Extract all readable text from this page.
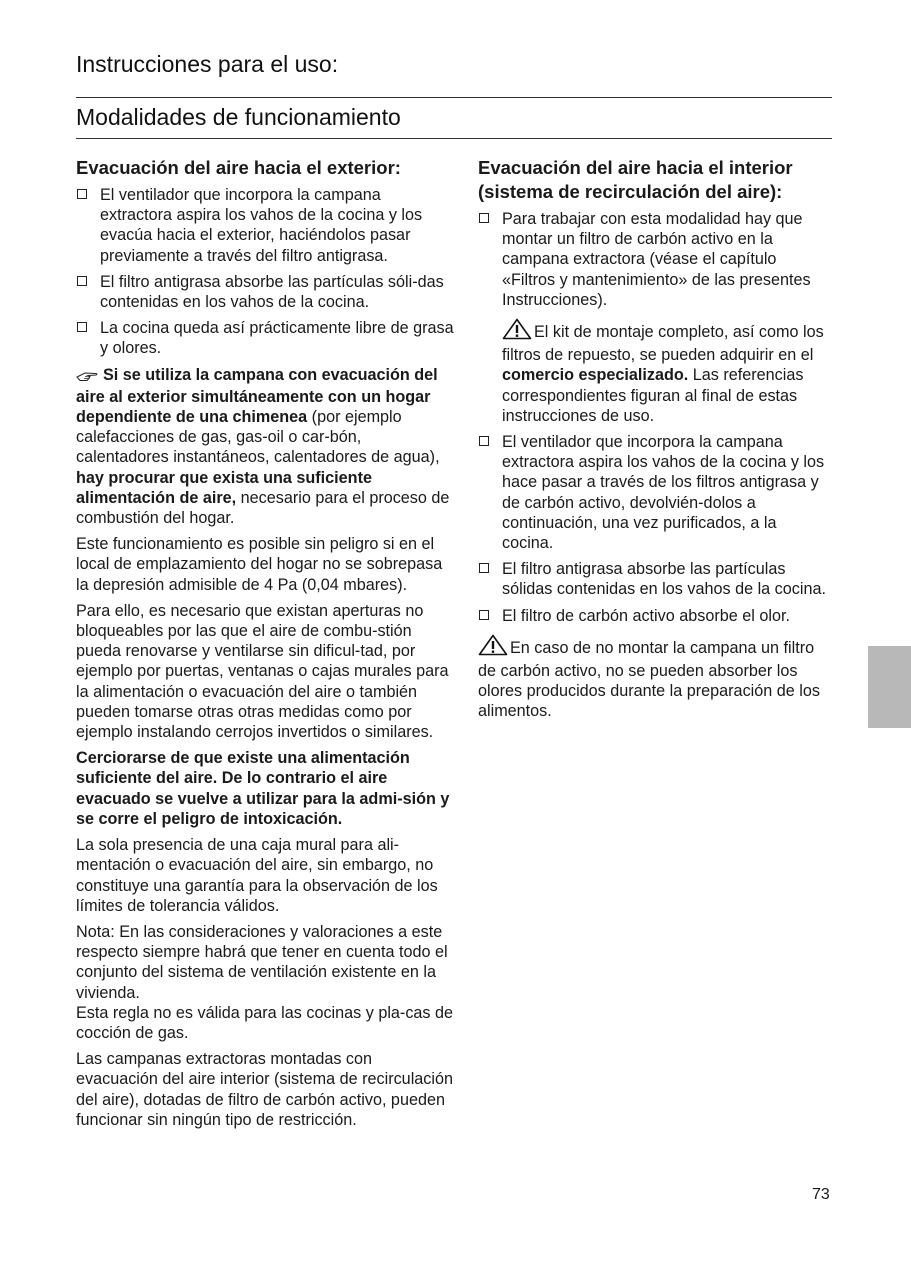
Instrucciones para el uso:
Modalidades de funcionamiento
Evacuación del aire hacia el exterior:
El ventilador que incorpora la campana extractora aspira los vahos de la cocina y los evacúa hacia el exterior, haciéndolos pasar previamente a través del filtro antigrasa.
El filtro antigrasa absorbe las partículas sóli-das contenidas en los vahos de la cocina.
La cocina queda así prácticamente libre de grasa y olores.

Si se utiliza la campana con evacuación del aire al exterior simultáneamente con un hogar dependiente de una chimenea (por ejemplo calefacciones de gas, gas-oil o car-bón, calentadores instantáneos, calentadores de agua), hay procurar que exista una suficiente alimentación de aire, necesario para el proceso de combustión del hogar.

Este funcionamiento es posible sin peligro si en el local de emplazamiento del hogar no se sobrepasa la depresión admisible de 4 Pa (0,04 mbares).

Para ello, es necesario que existan aperturas no bloqueables por las que el aire de combu-stión pueda renovarse y ventilarse sin dificul-tad, por ejemplo por puertas, ventanas o cajas murales para la alimentación o evacuación del aire o también pueden tomarse otras otras medidas como por ejemplo instalando cerrojos invertidos o similares.

Cerciorarse de que existe una alimentación suficiente del aire. De lo contrario el aire evacuado se vuelve a utilizar para la admi-sión y se corre el peligro de intoxicación.

La sola presencia de una caja mural para ali-mentación o evacuación del aire, sin embargo, no constituye una garantía para la observación de los límites de tolerancia válidos.

Nota: En las consideraciones y valoraciones a este respecto siempre habrá que tener en cuenta todo el conjunto del sistema de ventilación existente en la vivienda.
Esta regla no es válida para las cocinas y pla-cas de cocción de gas.

Las campanas extractoras montadas con evacuación del aire interior (sistema de recirculación del aire), dotadas de filtro de carbón activo, pueden funcionar sin ningún tipo de restricción.

Evacuación del aire hacia el interior (sistema de recirculación del aire):
Para trabajar con esta modalidad hay que montar un filtro de carbón activo en la campana extractora (véase el capítulo «Filtros y mantenimiento» de las presentes Instrucciones).

El kit de montaje completo, así como los filtros de repuesto, se pueden adquirir en el comercio especializado. Las referencias correspondientes figuran al final de estas instrucciones de uso.

El ventilador que incorpora la campana extractora aspira los vahos de la cocina y los hace pasar a través de los filtros antigrasa y de carbón activo, devolvién-dolos a continuación, una vez purificados, a la cocina.
El filtro antigrasa absorbe las partículas sólidas contenidas en los vahos de la cocina.
El filtro de carbón activo absorbe el olor.

En caso de no montar la campana un filtro de carbón activo, no se pueden absorber los olores producidos durante la preparación de los alimentos.

73
